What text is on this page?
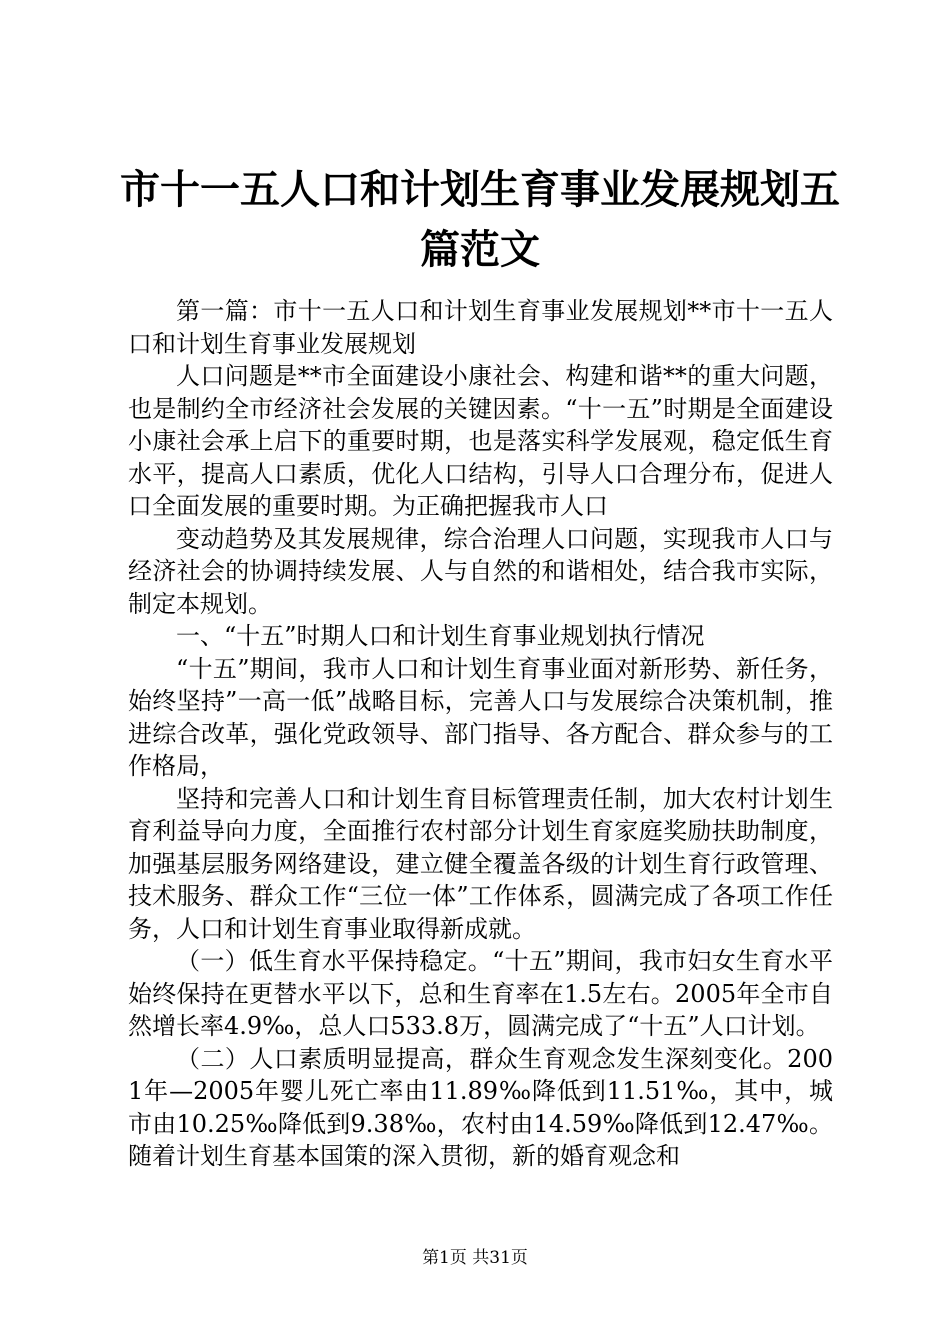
市十一五人口和计划生育事业发展规划五篇范文

第一篇：市十一五人口和计划生育事业发展规划**市十一五人口和计划生育事业发展规划

人口问题是**市全面建设小康社会、构建和谐**的重大问题，也是制约全市经济社会发展的关键因素。“十一五”时期是全面建设小康社会承上启下的重要时期，也是落实科学发展观，稳定低生育水平，提高人口素质，优化人口结构，引导人口合理分布，促进人口全面发展的重要时期。为正确把握我市人口

变动趋势及其发展规律，综合治理人口问题，实现我市人口与经济社会的协调持续发展、人与自然的和谐相处，结合我市实际，制定本规划。

一、“十五”时期人口和计划生育事业规划执行情况

“十五”期间，我市人口和计划生育事业面对新形势、新任务，始终坚持”一高一低”战略目标，完善人口与发展综合决策机制，推进综合改革，强化党政领导、部门指导、各方配合、群众参与的工作格局，

坚持和完善人口和计划生育目标管理责任制，加大农村计划生育利益导向力度，全面推行农村部分计划生育家庭奖励扶助制度，加强基层服务网络建设，建立健全覆盖各级的计划生育行政管理、技术服务、群众工作“三位一体”工作体系，圆满完成了各项工作任务，人口和计划生育事业取得新成就。

（一）低生育水平保持稳定。“十五”期间，我市妇女生育水平始终保持在更替水平以下，总和生育率在1.5左右。2005年全市自然增长率4.9‰，总人口533.8万，圆满完成了“十五”人口计划。

（二）人口素质明显提高，群众生育观念发生深刻变化。2001年—2005年婴儿死亡率由11.89‰降低到11.51‰，其中，城市由10.25‰降低到9.38‰，农村由14.59‰降低到12.47‰。随着计划生育基本国策的深入贯彻，新的婚育观念和

第1页 共31页
